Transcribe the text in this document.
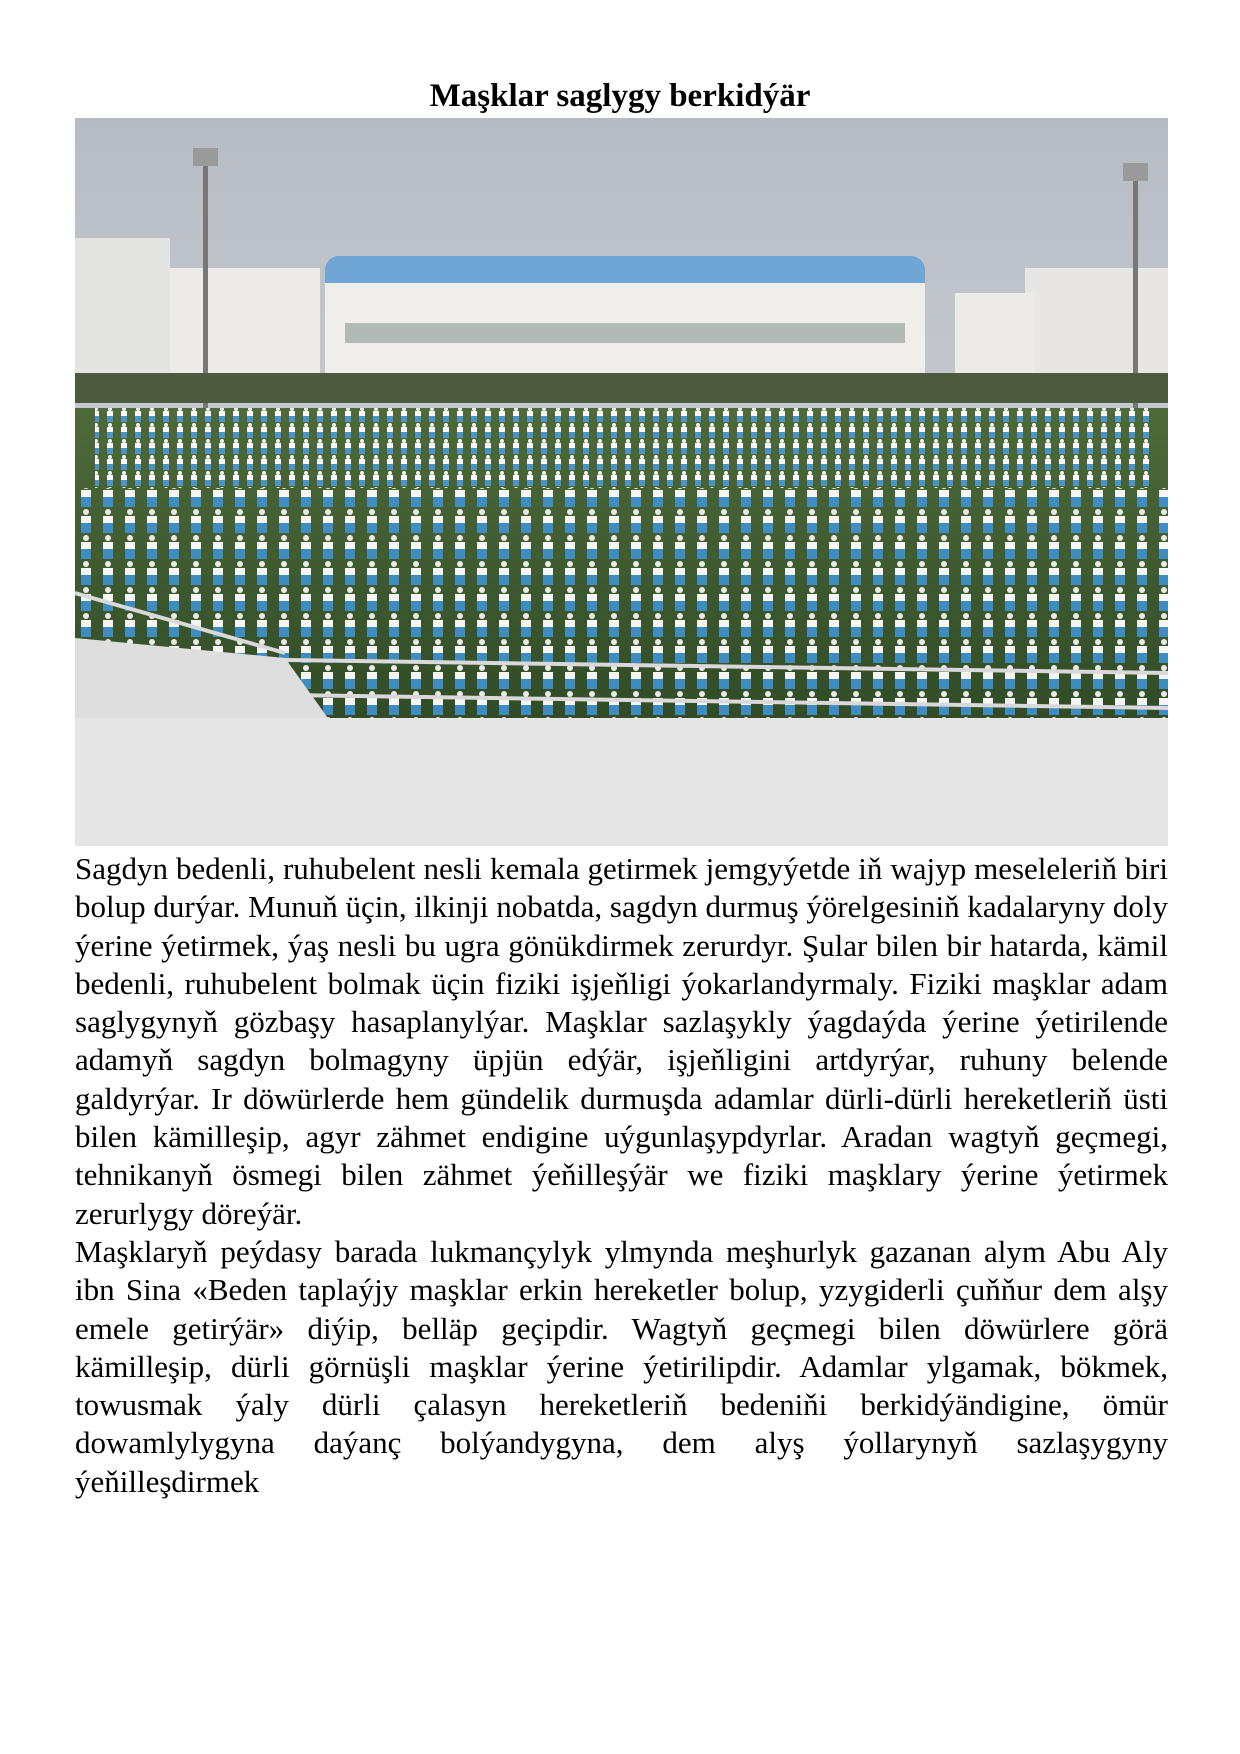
Maşklar saglygy berkidýär

Sagdyn bedenli, ruhubelent nesli kemala getirmek jemgyýetde iň wajyp meseleleriň biri bolup durýar. Munuň üçin, ilkinji nobatda, sagdyn durmuş ýörelgesiniň kadalaryny doly ýerine ýetirmek, ýaş nesli bu ugra gönükdirmek zerurdyr. Şular bilen bir hatarda, kämil bedenli, ruhubelent bolmak üçin fiziki işjeňligi ýokarlandyrmaly. Fiziki maşklar adam saglygynyň gözbaşy hasaplanylýar. Maşklar sazlaşykly ýagdaýda ýerine ýetirilende adamyň sagdyn bolmagyny üpjün edýär, işjeňligini artdyrýar, ruhuny belende galdyrýar. Ir döwürlerde hem gündelik durmuşda adamlar dürli-dürli hereketleriň üsti bilen kämilleşip, agyr zähmet endigine uýgunlaşypdyrlar. Aradan wagtyň geçmegi, tehnikanyň ösmegi bilen zähmet ýeňilleşýär we fiziki maşklary ýerine ýetirmek zerurlygy döreýär.

Maşklaryň peýdasy barada lukmançylyk ylmynda meşhurlyk gazanan alym Abu Aly ibn Sina «Beden taplaýjy maşklar erkin hereketler bolup, yzygiderli çuňňur dem alşy emele getirýär» diýip, belläp geçipdir. Wagtyň geçmegi bilen döwürlere görä kämilleşip, dürli görnüşli maşklar ýerine ýetirilipdir. Adamlar ylgamak, bökmek, towusmak ýaly dürli çalasyn hereketleriň bedeniňi berkidýändigine, ömür dowamlylygyna daýanç bolýandygyna, dem alyş ýollarynyň sazlaşygyny ýeňilleşdirmek
